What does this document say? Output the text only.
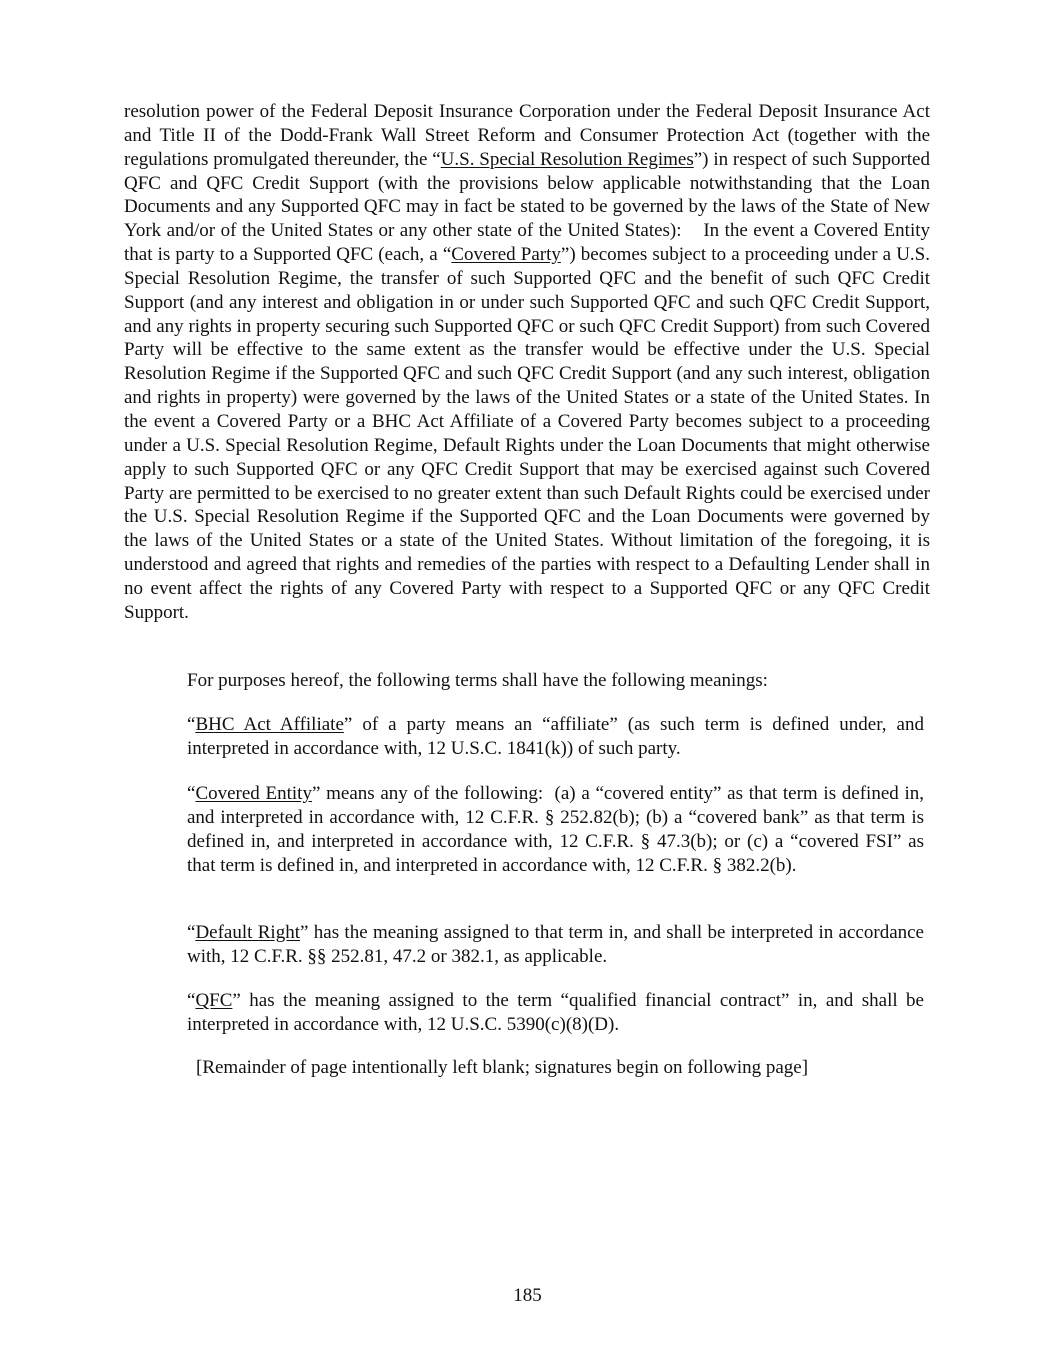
resolution power of the Federal Deposit Insurance Corporation under the Federal Deposit Insurance Act and Title II of the Dodd-Frank Wall Street Reform and Consumer Protection Act (together with the regulations promulgated thereunder, the “U.S. Special Resolution Regimes”) in respect of such Supported QFC and QFC Credit Support (with the provisions below applicable notwithstanding that the Loan Documents and any Supported QFC may in fact be stated to be governed by the laws of the State of New York and/or of the United States or any other state of the United States):    In the event a Covered Entity that is party to a Supported QFC (each, a “Covered Party”) becomes subject to a proceeding under a U.S. Special Resolution Regime, the transfer of such Supported QFC and the benefit of such QFC Credit Support (and any interest and obligation in or under such Supported QFC and such QFC Credit Support, and any rights in property securing such Supported QFC or such QFC Credit Support) from such Covered Party will be effective to the same extent as the transfer would be effective under the U.S. Special Resolution Regime if the Supported QFC and such QFC Credit Support (and any such interest, obligation and rights in property) were governed by the laws of the United States or a state of the United States. In the event a Covered Party or a BHC Act Affiliate of a Covered Party becomes subject to a proceeding under a U.S. Special Resolution Regime, Default Rights under the Loan Documents that might otherwise apply to such Supported QFC or any QFC Credit Support that may be exercised against such Covered Party are permitted to be exercised to no greater extent than such Default Rights could be exercised under the U.S. Special Resolution Regime if the Supported QFC and the Loan Documents were governed by the laws of the United States or a state of the United States. Without limitation of the foregoing, it is understood and agreed that rights and remedies of the parties with respect to a Defaulting Lender shall in no event affect the rights of any Covered Party with respect to a Supported QFC or any QFC Credit Support.

For purposes hereof, the following terms shall have the following meanings:

“BHC Act Affiliate” of a party means an “affiliate” (as such term is defined under, and interpreted in accordance with, 12 U.S.C. 1841(k)) of such party.

“Covered Entity” means any of the following:  (a) a “covered entity” as that term is defined in, and interpreted in accordance with, 12 C.F.R. § 252.82(b); (b) a “covered bank” as that term is defined in, and interpreted in accordance with, 12 C.F.R. § 47.3(b); or (c) a “covered FSI” as that term is defined in, and interpreted in accordance with, 12 C.F.R. § 382.2(b).

“Default Right” has the meaning assigned to that term in, and shall be interpreted in accordance with, 12 C.F.R. §§ 252.81, 47.2 or 382.1, as applicable.

“QFC” has the meaning assigned to the term “qualified financial contract” in, and shall be interpreted in accordance with, 12 U.S.C. 5390(c)(8)(D).

[Remainder of page intentionally left blank; signatures begin on following page]

185
